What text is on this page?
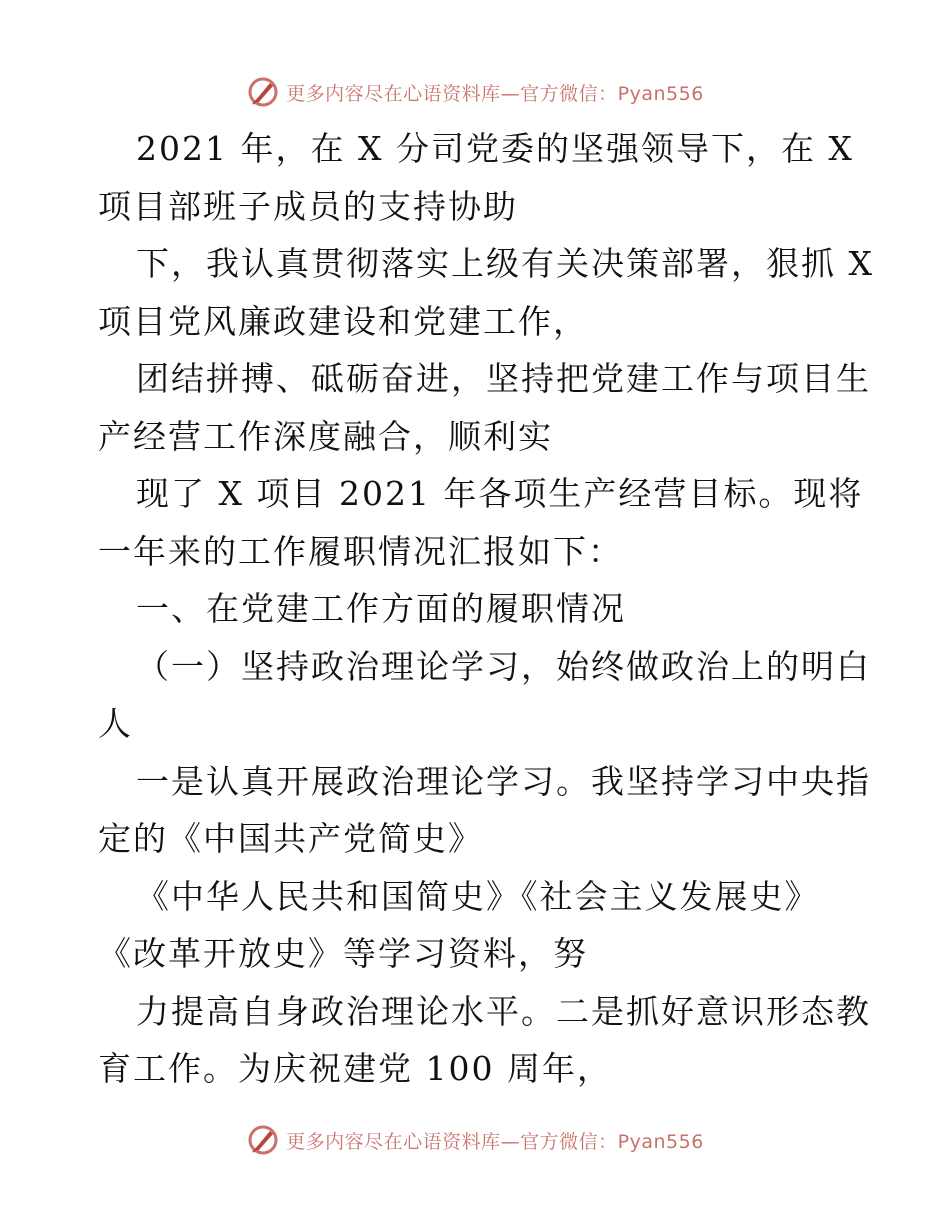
更多内容尽在心语资料库—官方微信：Pyan556
2021 年，在 X 分司党委的坚强领导下，在 X
项目部班子成员的支持协助
下，我认真贯彻落实上级有关决策部署，狠抓 X
项目党风廉政建设和党建工作，
团结拼搏、砥砺奋进，坚持把党建工作与项目生
产经营工作深度融合，顺利实
现了 X 项目 2021 年各项生产经营目标。现将
一年来的工作履职情况汇报如下：
一、在党建工作方面的履职情况
（一）坚持政治理论学习，始终做政治上的明白
人
一是认真开展政治理论学习。我坚持学习中央指
定的《中国共产党简史》
《中华人民共和国简史》《社会主义发展史》
《改革开放史》等学习资料，努
力提高自身政治理论水平。二是抓好意识形态教
育工作。为庆祝建党 100 周年，
更多内容尽在心语资料库—官方微信：Pyan556
